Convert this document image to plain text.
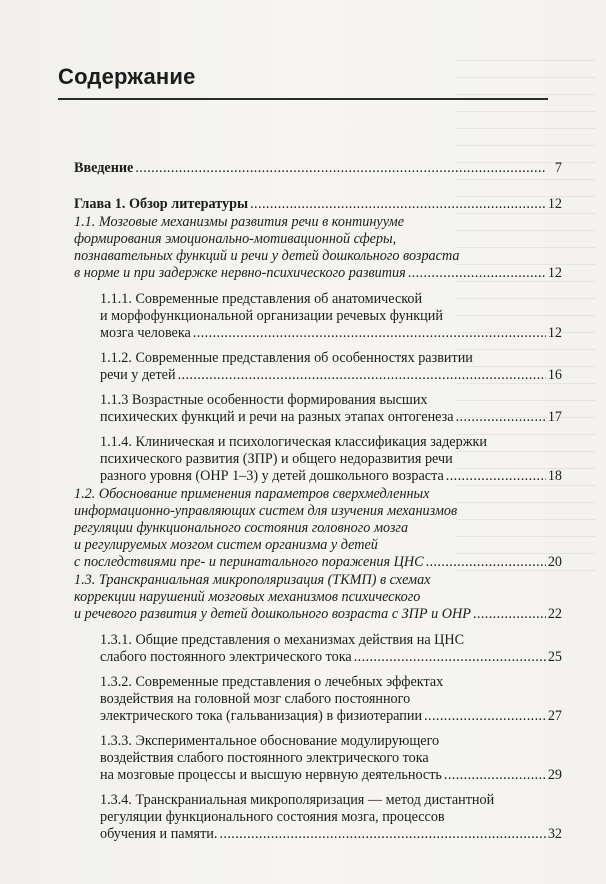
Содержание
Введение .....	7
Глава 1. Обзор литературы .....	12
1.1. Мозговые механизмы развития речи в континууме
формирования эмоционально-мотивационной сферы,
познавательных функций и речи у детей дошкольного возраста
в норме и при задержке нервно-психического развития .....	12
1.1.1. Современные представления об анатомической
и морфофункциональной организации речевых функций
мозга человека .....	12
1.1.2. Современные представления об особенностях развитии
речи у детей .....	16
1.1.3 Возрастные особенности формирования высших
психических функций и речи на разных этапах онтогенеза .....	17
1.1.4. Клиническая и психологическая классификация задержки
психического развития (ЗПР) и общего недоразвития речи
разного уровня (ОНР 1–3) у детей дошкольного возраста .....	18
1.2. Обоснование применения параметров сверхмедленных
информационно-управляющих систем для изучения механизмов
регуляции функционального состояния головного мозга
и регулируемых мозгом систем организма у детей
с последствиями пре- и перинатального поражения ЦНС .....	20
1.3. Транскраниальная микрополяризация (ТКМП) в схемах
коррекции нарушений мозговых механизмов психического
и речевого развития у детей дошкольного возраста с ЗПР и ОНР .....	22
1.3.1. Общие представления о механизмах действия на ЦНС
слабого постоянного электрического тока .....	25
1.3.2. Современные представления о лечебных эффектах
воздействия на головной мозг слабого постоянного
электрического тока (гальванизация) в физиотерапии .....	27
1.3.3. Экспериментальное обоснование модулирующего
воздействия слабого постоянного электрического тока
на мозговые процессы и высшую нервную деятельность .....	29
1.3.4. Транскраниальная микрополяризация — метод дистантной
регуляции функционального состояния мозга, процессов
обучения и памяти. .....	32
